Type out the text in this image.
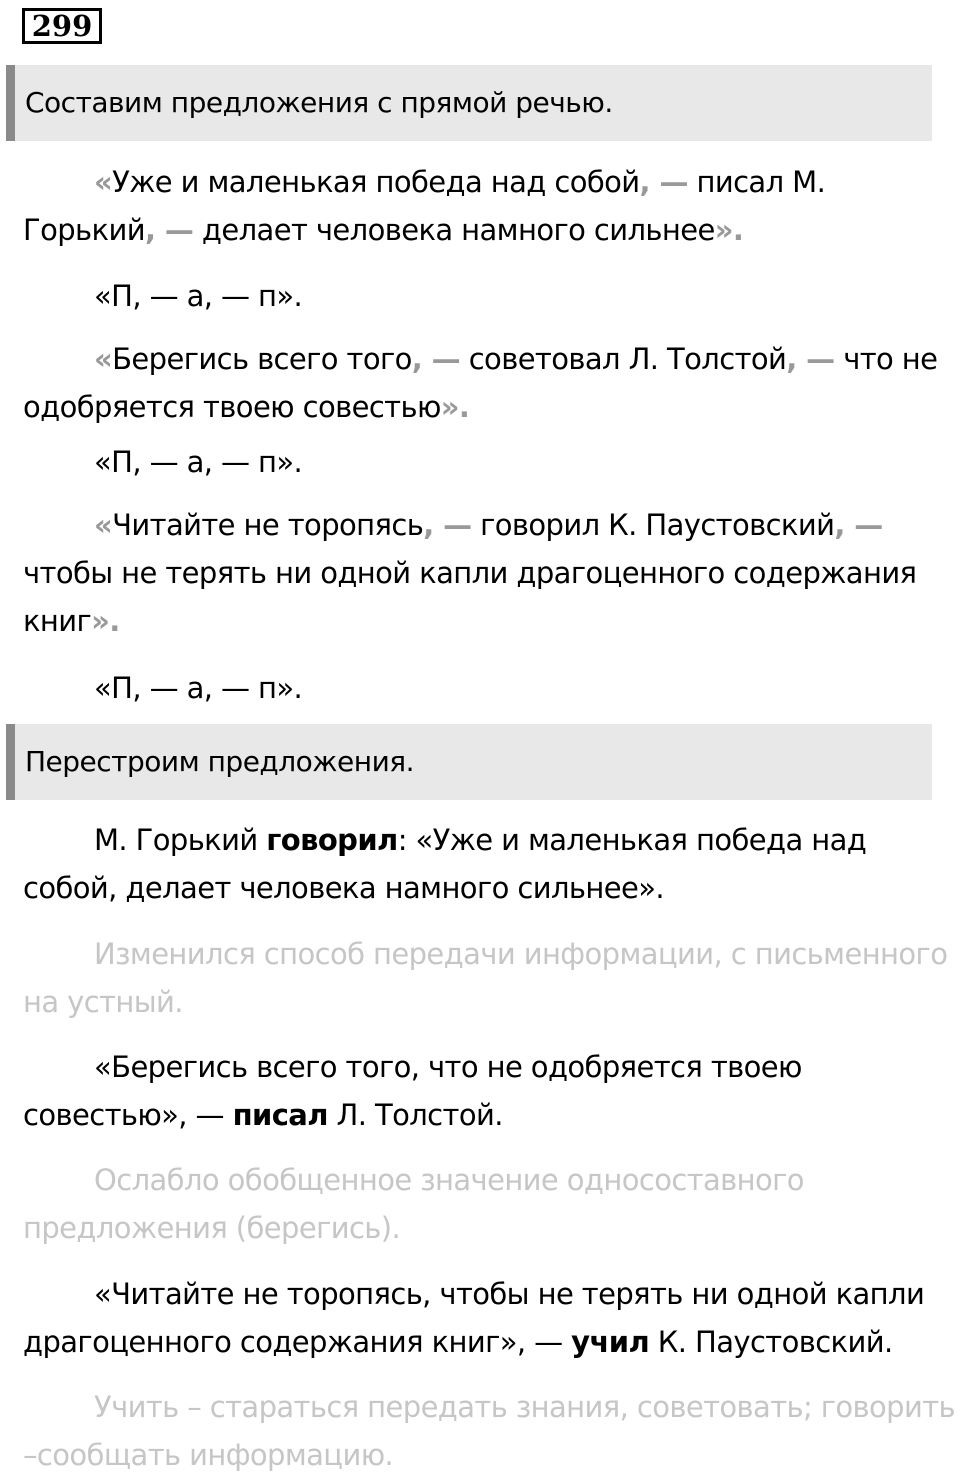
299
Составим предложения с прямой речью.
«Уже и маленькая победа над собой, — писал М. Горький, — делает человека намного сильнее».
«П, — а, — п».
«Берегись всего того, — советовал Л. Толстой, — что не одобряется твоею совестью».
«П, — а, — п».
«Читайте не торопясь, — говорил К. Паустовский, — чтобы не терять ни одной капли драгоценного содержания книг».
«П, — а, — п».
Перестроим предложения.
М. Горький говорил: «Уже и маленькая победа над собой, делает человека намного сильнее».
Изменился способ передачи информации, с письменного на устный.
«Берегись всего того, что не одобряется твоею совестью», — писал Л. Толстой.
Ослабло обобщенное значение односоставного предложения (берегись).
«Читайте не торопясь, чтобы не терять ни одной капли драгоценного содержания книг», — учил К. Паустовский.
Учить – стараться передать знания, советовать; говорить –сообщать информацию.
